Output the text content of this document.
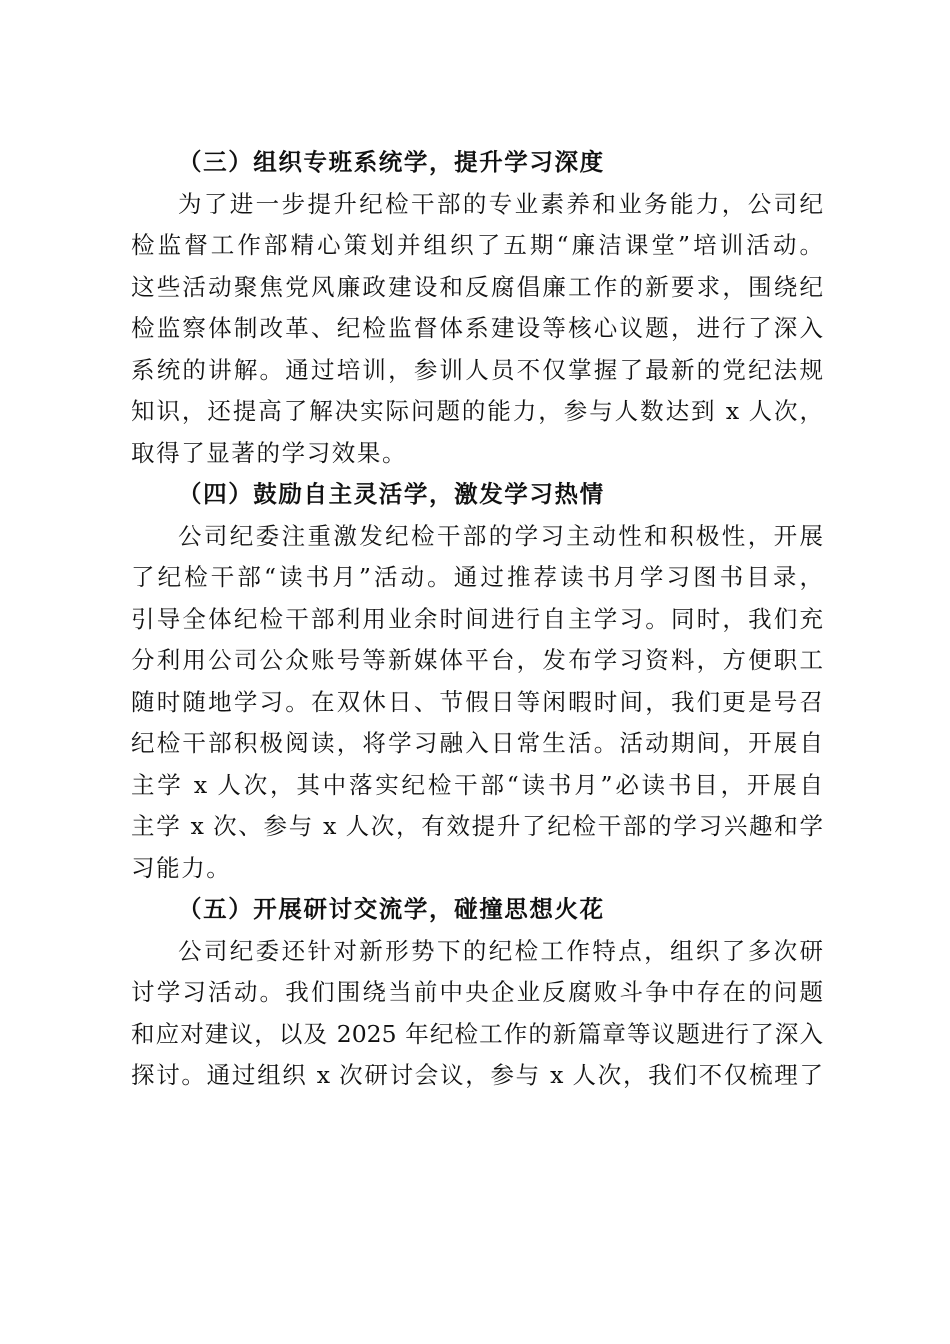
（三）组织专班系统学，提升学习深度
为了进一步提升纪检干部的专业素养和业务能力，公司纪
检监督工作部精心策划并组织了五期“廉洁课堂”培训活动。
这些活动聚焦党风廉政建设和反腐倡廉工作的新要求，围绕纪
检监察体制改革、纪检监督体系建设等核心议题，进行了深入
系统的讲解。通过培训，参训人员不仅掌握了最新的党纪法规
知识，还提高了解决实际问题的能力，参与人数达到 x 人次，
取得了显著的学习效果。
（四）鼓励自主灵活学，激发学习热情
公司纪委注重激发纪检干部的学习主动性和积极性，开展
了纪检干部“读书月”活动。通过推荐读书月学习图书目录，
引导全体纪检干部利用业余时间进行自主学习。同时，我们充
分利用公司公众账号等新媒体平台，发布学习资料，方便职工
随时随地学习。在双休日、节假日等闲暇时间，我们更是号召
纪检干部积极阅读，将学习融入日常生活。活动期间，开展自
主学 x 人次，其中落实纪检干部“读书月”必读书目，开展自
主学 x 次、参与 x 人次，有效提升了纪检干部的学习兴趣和学
习能力。
（五）开展研讨交流学，碰撞思想火花
公司纪委还针对新形势下的纪检工作特点，组织了多次研
讨学习活动。我们围绕当前中央企业反腐败斗争中存在的问题
和应对建议，以及 2025 年纪检工作的新篇章等议题进行了深入
探讨。通过组织 x 次研讨会议，参与 x 人次，我们不仅梳理了
